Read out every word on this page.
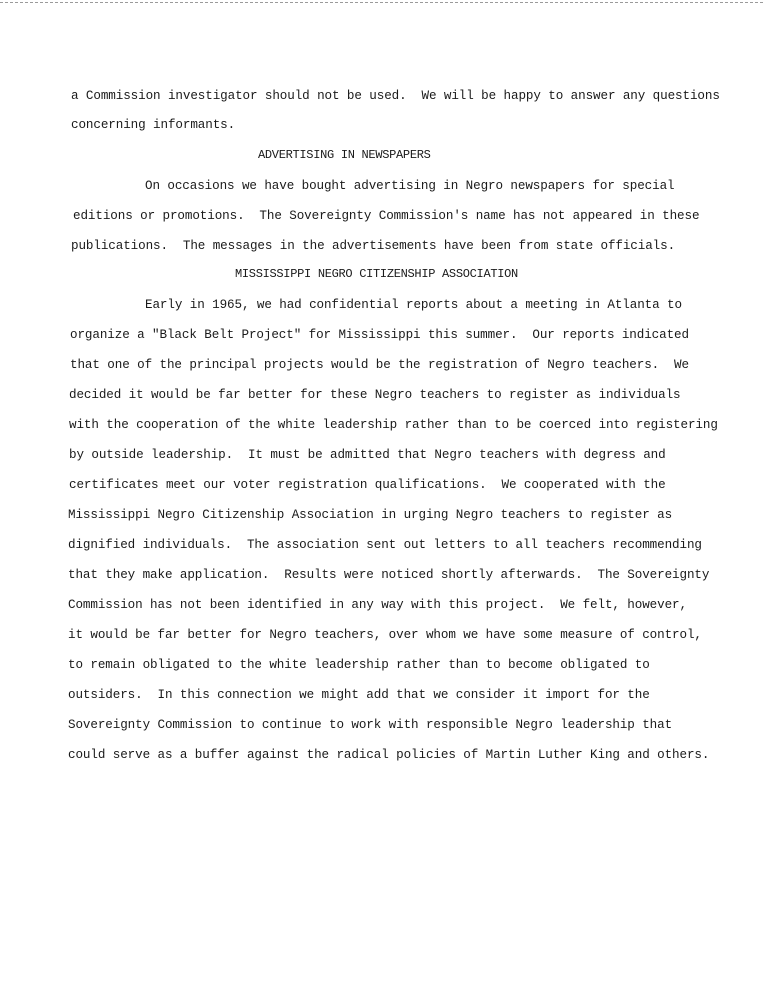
a Commission investigator should not be used.  We will be happy to answer any questions
concerning informants.
ADVERTISING IN NEWSPAPERS
On occasions we have bought advertising in Negro newspapers for special
editions or promotions.  The Sovereignty Commission's name has not appeared in these
publications.  The messages in the advertisements have been from state officials.
MISSISSIPPI NEGRO CITIZENSHIP ASSOCIATION
Early in 1965, we had confidential reports about a meeting in Atlanta to
organize a "Black Belt Project" for Mississippi this summer.  Our reports indicated
that one of the principal projects would be the registration of Negro teachers.  We
decided it would be far better for these Negro teachers to register as individuals
with the cooperation of the white leadership rather than to be coerced into registering
by outside leadership.  It must be admitted that Negro teachers with degress and
certificates meet our voter registration qualifications.  We cooperated with the
Mississippi Negro Citizenship Association in urging Negro teachers to register as
dignified individuals.  The association sent out letters to all teachers recommending
that they make application.  Results were noticed shortly afterwards.  The Sovereignty
Commission has not been identified in any way with this project.  We felt, however,
it would be far better for Negro teachers, over whom we have some measure of control,
to remain obligated to the white leadership rather than to become obligated to
outsiders.  In this connection we might add that we consider it import for the
Sovereignty Commission to continue to work with responsible Negro leadership that
could serve as a buffer against the radical policies of Martin Luther King and others.
